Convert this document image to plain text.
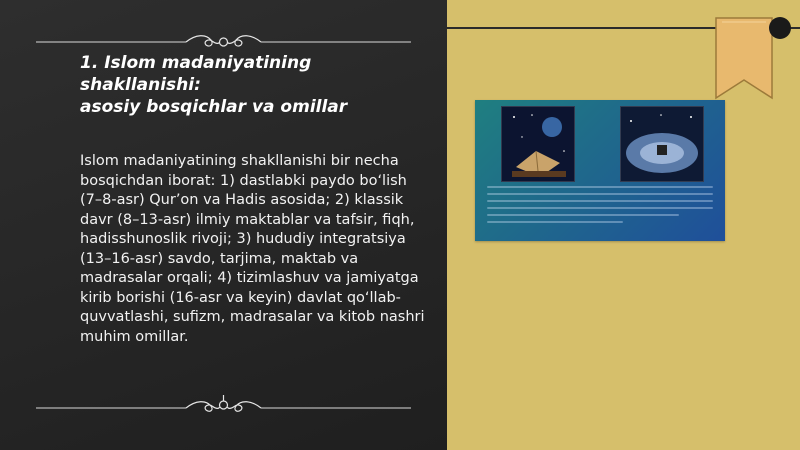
1. Islom madaniyatining shakllanishi:
asosiy bosqichlar va omillar

Islom madaniyatining shakllanishi bir necha bosqichdan iborat: 1) dastlabki paydo bo‘lish (7–8-asr) Qur’on va Hadis asosida; 2) klassik davr (8–13-asr) ilmiy maktablar va tafsir, fiqh, hadisshunoslik rivoji; 3) hududiy integratsiya (13–16-asr) savdo, tarjima, maktab va madrasalar orqali; 4) tizimlashuv va jamiyatga kirib borishi (16-asr va keyin) davlat qo‘llab-quvvatlashi, sufizm, madrasalar va kitob nashri muhim omillar.
